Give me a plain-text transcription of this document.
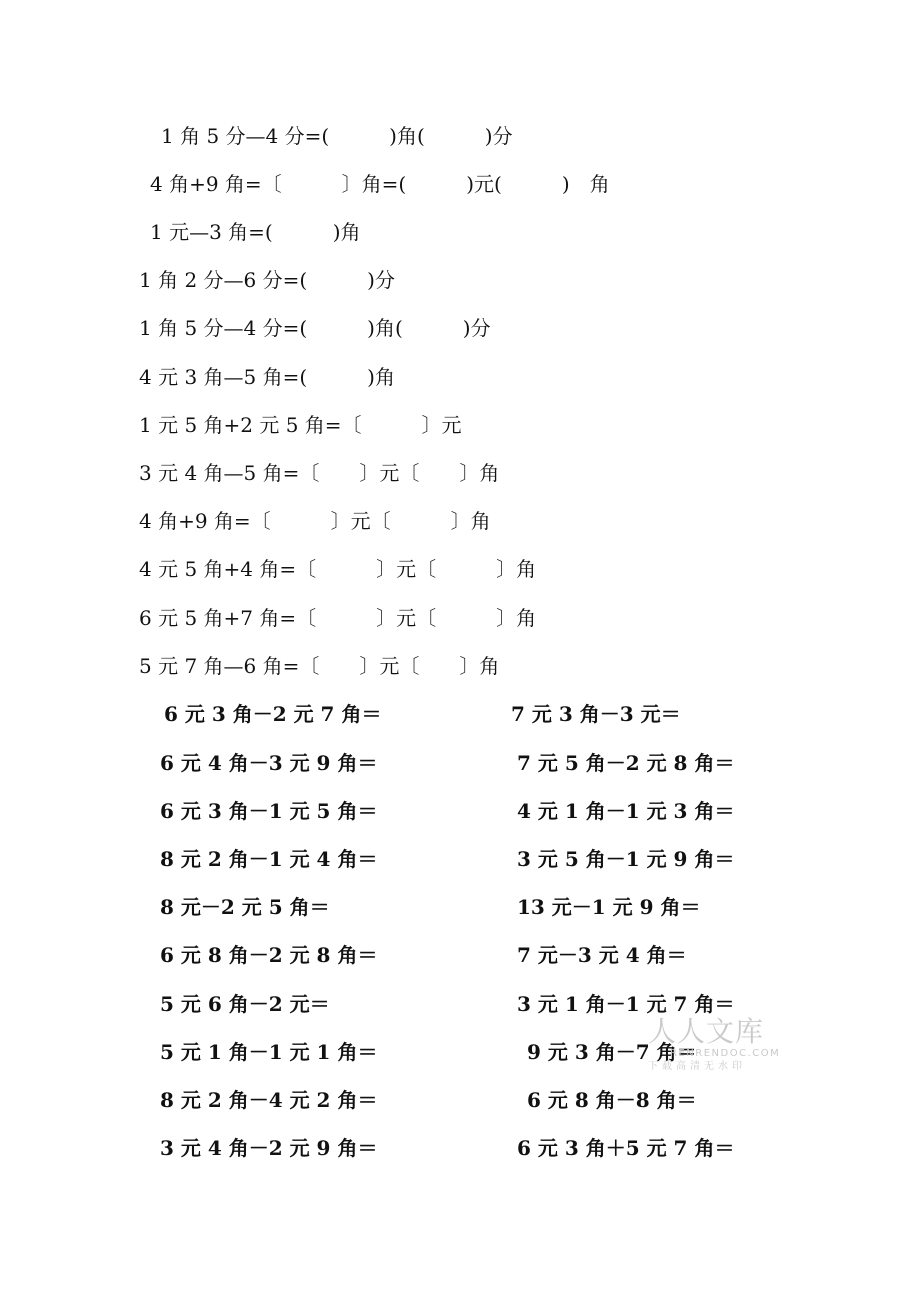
1 角 5 分—4 分=(　　　)角(　　　)分
4 角+9 角=〔　　　〕角=(　　　)元(　　　)　角
1 元—3 角=(　　　)角
1 角 2 分—6 分=(　　　)分
1 角 5 分—4 分=(　　　)角(　　　)分
4 元 3 角—5 角=(　　　)角
1 元 5 角+2 元 5 角=〔　　　〕元
3 元 4 角—5 角=〔　　〕元〔　　〕角
4 角+9 角=〔　　　〕元〔　　　〕角
4 元 5 角+4 角=〔　　　〕元〔　　　〕角
6 元 5 角+7 角=〔　　　〕元〔　　　〕角
5 元 7 角—6 角=〔　　〕元〔　　〕角
6 元 3 角－2 元 7 角＝
6 元 4 角－3 元 9 角＝
6 元 3 角－1 元 5 角＝
8 元 2 角－1 元 4 角＝
8 元－2 元 5 角＝
6 元 8 角－2 元 8 角＝
5 元 6 角－2 元＝
5 元 1 角－1 元 1 角＝
8 元 2 角－4 元 2 角＝
3 元 4 角－2 元 9 角＝
7 元 3 角－3 元＝
7 元 5 角－2 元 8 角＝
4 元 1 角－1 元 3 角＝
3 元 5 角－1 元 9 角＝
13 元－1 元 9 角＝
7 元－3 元 4 角＝
3 元 1 角－1 元 7 角＝
9 元 3 角－7 角＝
6 元 8 角－8 角＝
6 元 3 角＋5 元 7 角＝
人人文库
RENRENDOC.COM
下载高清无水印
